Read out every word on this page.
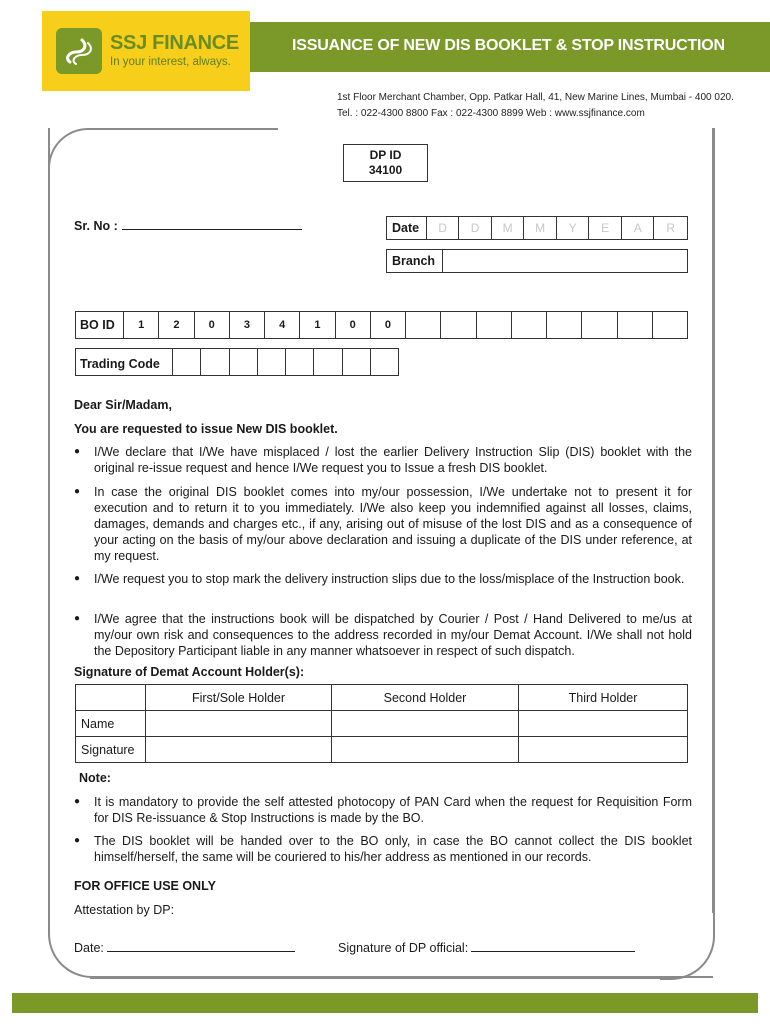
SSJ FINANCE
In your interest, always.
ISSUANCE OF NEW DIS BOOKLET & STOP INSTRUCTION
1st Floor Merchant Chamber, Opp. Patkar Hall, 41, New Marine Lines, Mumbai - 400 020.
Tel. : 022-4300 8800 Fax : 022-4300 8899 Web : www.ssjfinance.com
DP ID
34100
Sr. No :	Date	D	D	M	M	Y	E	A	R
Branch
BO ID	1	2	0	3	4	1	0	0
Trading Code
Dear Sir/Madam,
You are requested to issue New DIS booklet.
● I/We declare that I/We have misplaced / lost the earlier Delivery Instruction Slip (DIS) booklet with the original re-issue request and hence I/We request you to Issue a fresh DIS booklet.
● In case the original DIS booklet comes into my/our possession, I/We undertake not to present it for execution and to return it to you immediately. I/We also keep you indemnified against all losses, claims, damages, demands and charges etc., if any, arising out of misuse of the lost DIS and as a consequence of your acting on the basis of my/our above declaration and issuing a duplicate of the DIS under reference, at my request.
● I/We request you to stop mark the delivery instruction slips due to the loss/misplace of the Instruction book.
● I/We agree that the instructions book will be dispatched by Courier / Post / Hand Delivered to me/us at my/our own risk and consequences to the address recorded in my/our Demat Account. I/We shall not hold the Depository Participant liable in any manner whatsoever in respect of such dispatch.
Signature of Demat Account Holder(s):
	First/Sole Holder	Second Holder	Third Holder
Name			
Signature			
Note:
● It is mandatory to provide the self attested photocopy of PAN Card when the request for Requisition Form for DIS Re-issuance & Stop Instructions is made by the BO.
● The DIS booklet will be handed over to the BO only, in case the BO cannot collect the DIS booklet himself/herself, the same will be couriered to his/her address as mentioned in our records.
FOR OFFICE USE ONLY
Attestation by DP:
Date:	Signature of DP official:
